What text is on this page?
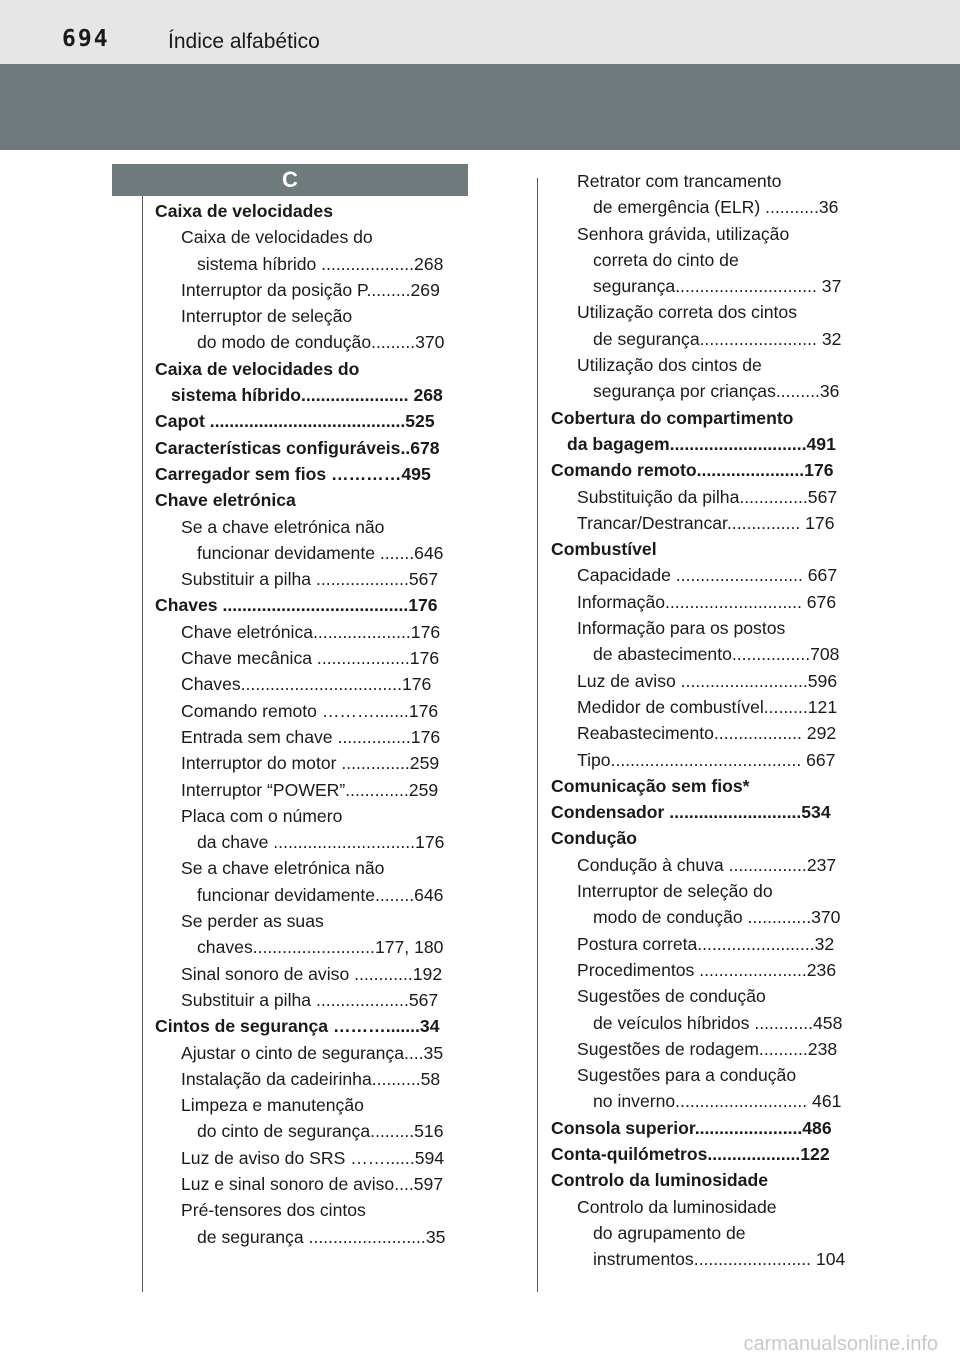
694	Índice alfabético
C
Caixa de velocidades
Caixa de velocidades do
sistema híbrido ...................268
Interruptor da posição P.........269
Interruptor de seleção
do modo de condução.........370
Caixa de velocidades do
sistema híbrido...................... 268
Capot ........................................525
Características configuráveis..678
Carregador sem fios …………495
Chave eletrónica
Se a chave eletrónica não
funcionar devidamente .......646
Substituir a pilha ...................567
Chaves ......................................176
Chave eletrónica....................176
Chave mecânica ...................176
Chaves.................................176
Comando remoto ……….......176
Entrada sem chave ...............176
Interruptor do motor ..............259
Interruptor “POWER”.............259
Placa com o número
da chave .............................176
Se a chave eletrónica não
funcionar devidamente........646
Se perder as suas
chaves.........................177, 180
Sinal sonoro de aviso ............192
Substituir a pilha ...................567
Cintos de segurança ……….......34
Ajustar o cinto de segurança....35
Instalação da cadeirinha..........58
Limpeza e manutenção
do cinto de segurança.........516
Luz de aviso do SRS ……......594
Luz e sinal sonoro de aviso....597
Pré-tensores dos cintos
de segurança ........................35
Retrator com trancamento
de emergência (ELR) ...........36
Senhora grávida, utilização
correta do cinto de
segurança............................. 37
Utilização correta dos cintos
de segurança........................ 32
Utilização dos cintos de
segurança por crianças.........36
Cobertura do compartimento
da bagagem............................491
Comando remoto......................176
Substituição da pilha..............567
Trancar/Destrancar............... 176
Combustível
Capacidade .......................... 667
Informação............................ 676
Informação para os postos
de abastecimento................708
Luz de aviso ..........................596
Medidor de combustível.........121
Reabastecimento.................. 292
Tipo....................................... 667
Comunicação sem fios*
Condensador ...........................534
Condução
Condução à chuva ................237
Interruptor de seleção do
modo de condução .............370
Postura correta........................32
Procedimentos ......................236
Sugestões de condução
de veículos híbridos ............458
Sugestões de rodagem..........238
Sugestões para a condução
no inverno........................... 461
Consola superior......................486
Conta-quilómetros...................122
Controlo da luminosidade
Controlo da luminosidade
do agrupamento de
instrumentos........................ 104
carmanualsonline.info
